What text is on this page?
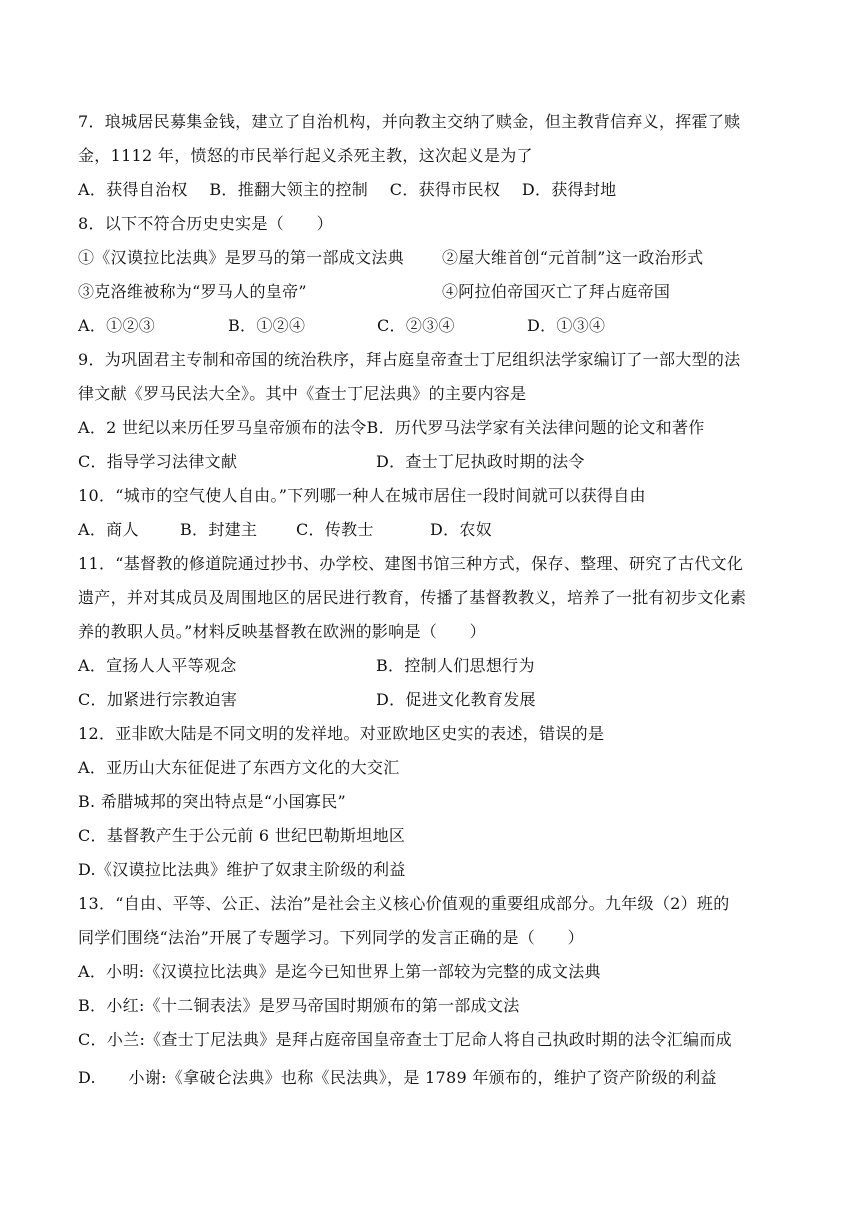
7．琅城居民募集金钱，建立了自治机构，并向教主交纳了赎金，但主教背信弃义，挥霍了赎
金，1112 年，愤怒的市民举行起义杀死主教，这次起义是为了
A．获得自治权　 B．推翻大领主的控制　 C．获得市民权　 D．获得封地
8．以下不符合历史史实是（　　）
①《汉谟拉比法典》是罗马的第一部成文法典 ②屋大维首创“元首制”这一政治形式
③克洛维被称为“罗马人的皇帝”	④阿拉伯帝国灭亡了拜占庭帝国
A．①②③	B．①②④	C．②③④	D．①③④
9．为巩固君主专制和帝国的统治秩序，拜占庭皇帝查士丁尼组织法学家编订了一部大型的法
律文献《罗马民法大全》。其中《查士丁尼法典》的主要内容是
A．2 世纪以来历任罗马皇帝颁布的法令B．历代罗马法学家有关法律问题的论文和著作
C．指导学习法律文献	D．查士丁尼执政时期的法令
10．“城市的空气使人自由。”下列哪一种人在城市居住一段时间就可以获得自由
A．商人	B．封建主 C．传教士	D．农奴
11．“基督教的修道院通过抄书、办学校、建图书馆三种方式，保存、整理、研究了古代文化
遗产，并对其成员及周围地区的居民进行教育，传播了基督教教义，培养了一批有初步文化素
养的教职人员。”材料反映基督教在欧洲的影响是（　　）
A．宣扬人人平等观念	B．控制人们思想行为
C．加紧进行宗教迫害	D．促进文化教育发展
12．亚非欧大陆是不同文明的发祥地。对亚欧地区史实的表述，错误的是
A．亚历山大东征促进了东西方文化的大交汇
B. 希腊城邦的突出特点是“小国寡民”
C．基督教产生于公元前 6 世纪巴勒斯坦地区
D.《汉谟拉比法典》维护了奴隶主阶级的利益
13．“自由、平等、公正、法治”是社会主义核心价值观的重要组成部分。九年级（2）班的
同学们围绕“法治”开展了专题学习。下列同学的发言正确的是（　　）
A．小明:《汉谟拉比法典》是迄今已知世界上第一部较为完整的成文法典
B．小红:《十二铜表法》是罗马帝国时期颁布的第一部成文法
C．小兰:《查士丁尼法典》是拜占庭帝国皇帝查士丁尼命人将自己执政时期的法令汇编而成
D.　　小谢:《拿破仑法典》也称《民法典》，是 1789 年颁布的，维护了资产阶级的利益
